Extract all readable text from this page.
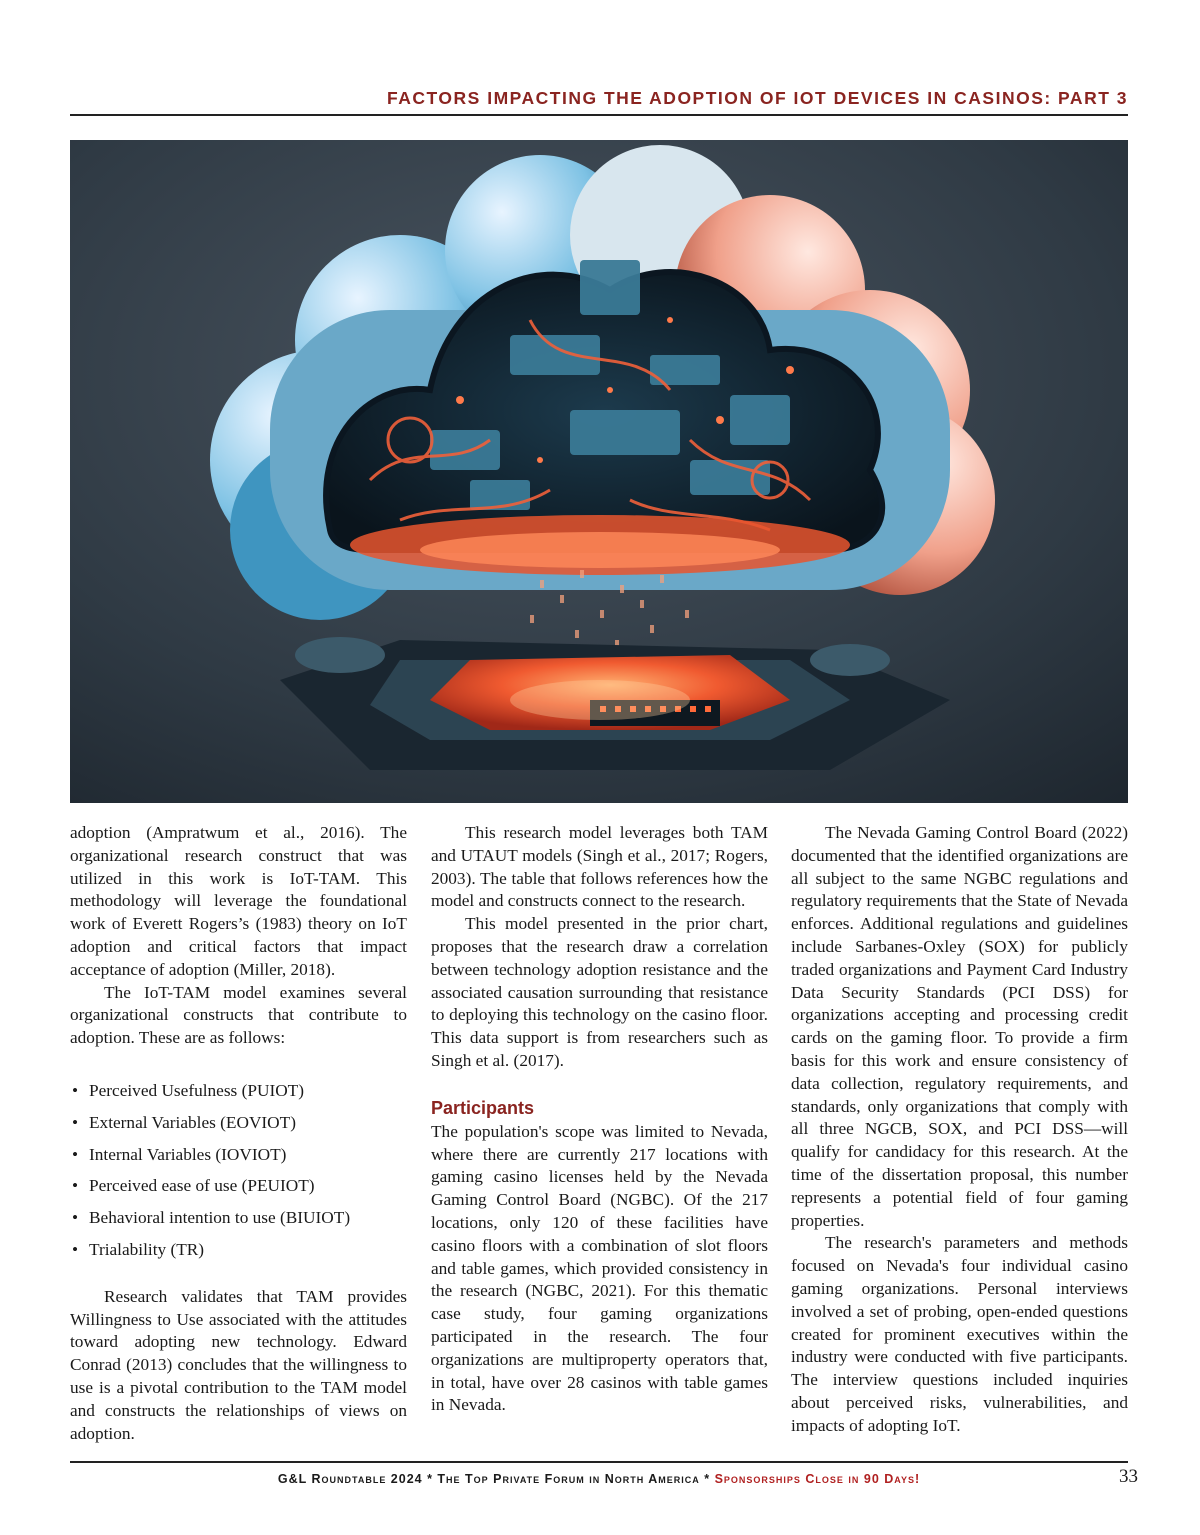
FACTORS IMPACTING THE ADOPTION OF IOT DEVICES IN CASINOS: PART 3

adoption (Ampratwum et al., 2016). The organizational research construct that was utilized in this work is IoT-TAM. This methodology will leverage the foundational work of Everett Rogers’s (1983) theory on IoT adoption and critical factors that impact acceptance of adoption (Miller, 2018).

The IoT-TAM model examines several organizational constructs that contribute to adoption. These are as follows:

• Perceived Usefulness (PUIOT)
• External Variables (EOVIOT)
• Internal Variables (IOVIOT)
• Perceived ease of use (PEUIOT)
• Behavioral intention to use (BIUIOT)
• Trialability (TR)

Research validates that TAM provides Willingness to Use associated with the attitudes toward adopting new technology. Edward Conrad (2013) concludes that the willingness to use is a pivotal contribution to the TAM model and constructs the relationships of views on adoption.

This research model leverages both TAM and UTAUT models (Singh et al., 2017; Rogers, 2003). The table that follows references how the model and constructs connect to the research.

This model presented in the prior chart, proposes that the research draw a correlation between technology adoption resistance and the associated causation surrounding that resistance to deploying this technology on the casino floor. This data support is from researchers such as Singh et al. (2017).

Participants

The population's scope was limited to Nevada, where there are currently 217 locations with gaming casino licenses held by the Nevada Gaming Control Board (NGBC). Of the 217 locations, only 120 of these facilities have casino floors with a combination of slot floors and table games, which provided consistency in the research (NGBC, 2021). For this thematic case study, four gaming organizations participated in the research. The four organizations are multiproperty operators that, in total, have over 28 casinos with table games in Nevada.

The Nevada Gaming Control Board (2022) documented that the identified organizations are all subject to the same NGBC regulations and regulatory requirements that the State of Nevada enforces. Additional regulations and guidelines include Sarbanes-Oxley (SOX) for publicly traded organizations and Payment Card Industry Data Security Standards (PCI DSS) for organizations accepting and processing credit cards on the gaming floor. To provide a firm basis for this work and ensure consistency of data collection, regulatory requirements, and standards, only organizations that comply with all three NGCB, SOX, and PCI DSS—will qualify for candidacy for this research. At the time of the dissertation proposal, this number represents a potential field of four gaming properties.

The research's parameters and methods focused on Nevada's four individual casino gaming organizations. Personal interviews involved a set of probing, open-ended questions created for prominent executives within the industry were conducted with five participants. The interview questions included inquiries about perceived risks, vulnerabilities, and impacts of adopting IoT.

G&L Roundtable 2024 * The Top Private Forum in North America * Sponsorships Close in 90 Days!	33
